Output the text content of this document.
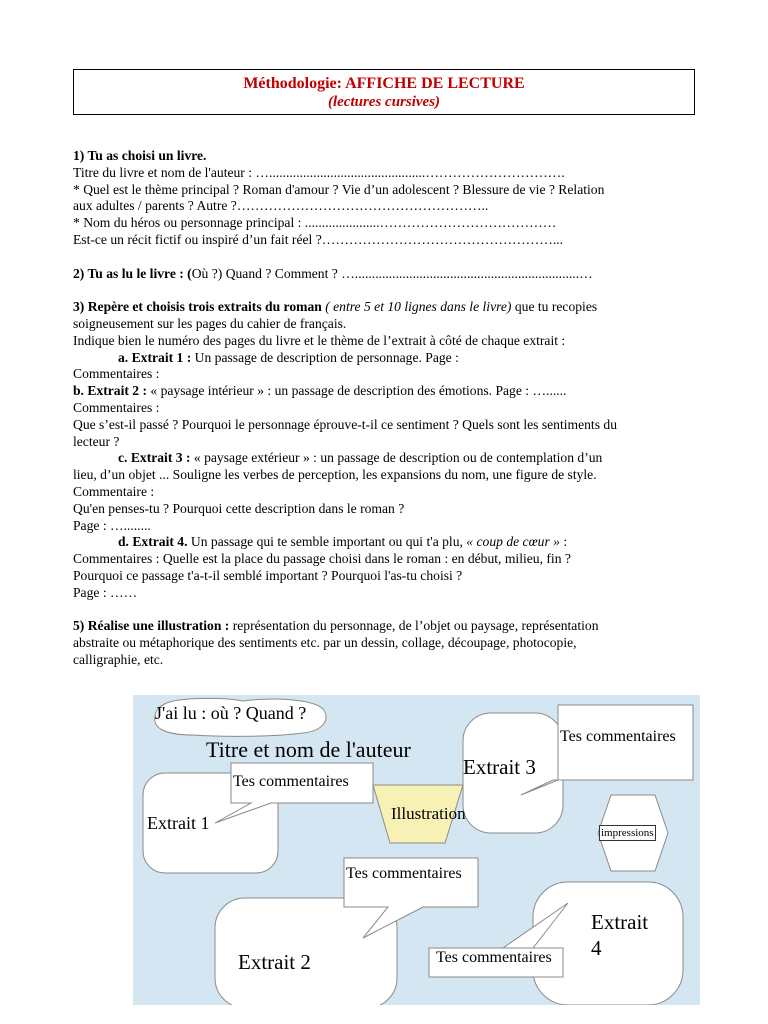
Méthodologie: AFFICHE DE LECTURE
(lectures cursives)

1) Tu as choisi un livre.

Titre du livre et nom de l'auteur : …..............................................………………………….

* Quel est le thème principal ? Roman d'amour ? Vie d’un adolescent ? Blessure de vie ? Relation

aux adultes / parents ? Autre ?………………………………………………..

* Nom du héros ou personnage principal : ......................…………………………………

Est-ce un récit fictif ou inspiré d’un fait réel ?……………………………………………...

2) Tu as lu le livre : (Où ?) Quand ? Comment ? …..................................................................…

3) Repère et choisis trois extraits du roman ( entre 5 et 10 lignes dans le livre) que tu recopies

soigneusement sur les pages du cahier de français.

Indique bien le numéro des pages du livre et le thème de l’extrait à côté de chaque extrait :

a. Extrait 1 : Un passage de description de personnage. Page :

Commentaires :

b. Extrait 2 : « paysage intérieur » : un passage de description des émotions. Page : …......

Commentaires :

Que s’est-il passé ? Pourquoi le personnage éprouve-t-il ce sentiment ? Quels sont les sentiments du

lecteur ?

c. Extrait 3 : « paysage extérieur » : un passage de description ou de contemplation d’un

lieu, d’un objet ... Souligne les verbes de perception, les expansions du nom, une figure de style.

Commentaire :

Qu'en penses-tu ? Pourquoi cette description dans le roman ?

Page : …........

d. Extrait 4. Un passage qui te semble important ou qui t'a plu, « coup de cœur » :

Commentaires : Quelle est la place du passage choisi dans le roman : en début, milieu, fin ?

Pourquoi ce passage t'a-t-il semblé important ? Pourquoi l'as-tu choisi ?

Page : ……

5) Réalise une illustration : représentation du personnage, de l’objet ou paysage, représentation

abstraite ou métaphorique des sentiments etc. par un dessin, collage, découpage, photocopie,

calligraphie, etc.

J'ai lu : où ? Quand ?
Titre et nom de l'auteur
Tes commentaires
Extrait 1	Illustration
Extrait 3
Tes commentaires
impressions
Tes commentaires
Extrait 2
Extrait
4
Tes commentaires
